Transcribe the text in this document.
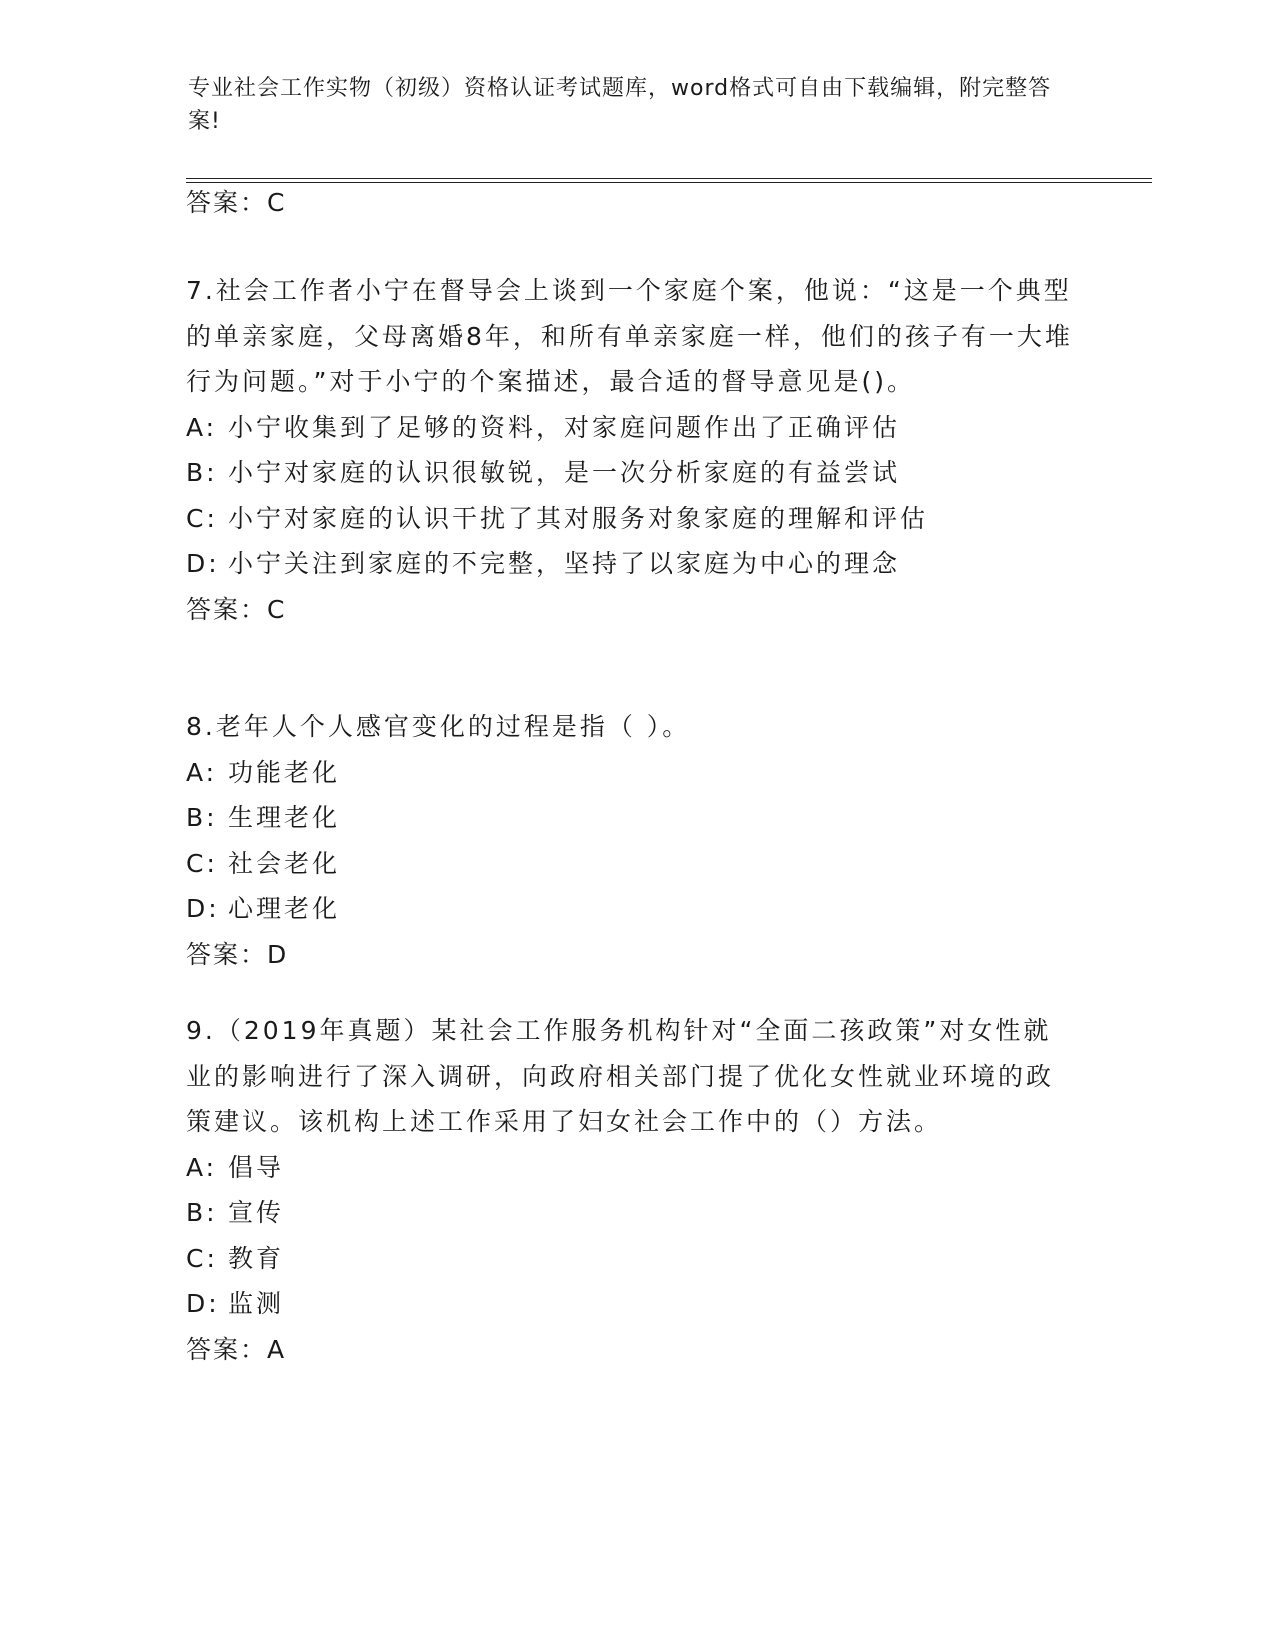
专业社会工作实物（初级）资格认证考试题库，word格式可自由下载编辑，附完整答案!
答案：C
7.社会工作者小宁在督导会上谈到一个家庭个案，他说：“这是一个典型的单亲家庭，父母离婚8年，和所有单亲家庭一样，他们的孩子有一大堆行为问题。”对于小宁的个案描述，最合适的督导意见是()。
A: 小宁收集到了足够的资料，对家庭问题作出了正确评估
B: 小宁对家庭的认识很敏锐，是一次分析家庭的有益尝试
C: 小宁对家庭的认识干扰了其对服务对象家庭的理解和评估
D: 小宁关注到家庭的不完整，坚持了以家庭为中心的理念
答案：C
8.老年人个人感官变化的过程是指（ ）。
A: 功能老化
B: 生理老化
C: 社会老化
D: 心理老化
答案：D
9.（2019年真题）某社会工作服务机构针对“全面二孩政策”对女性就业的影响进行了深入调研，向政府相关部门提了优化女性就业环境的政策建议。该机构上述工作采用了妇女社会工作中的（）方法。
A: 倡导
B: 宣传
C: 教育
D: 监测
答案：A
